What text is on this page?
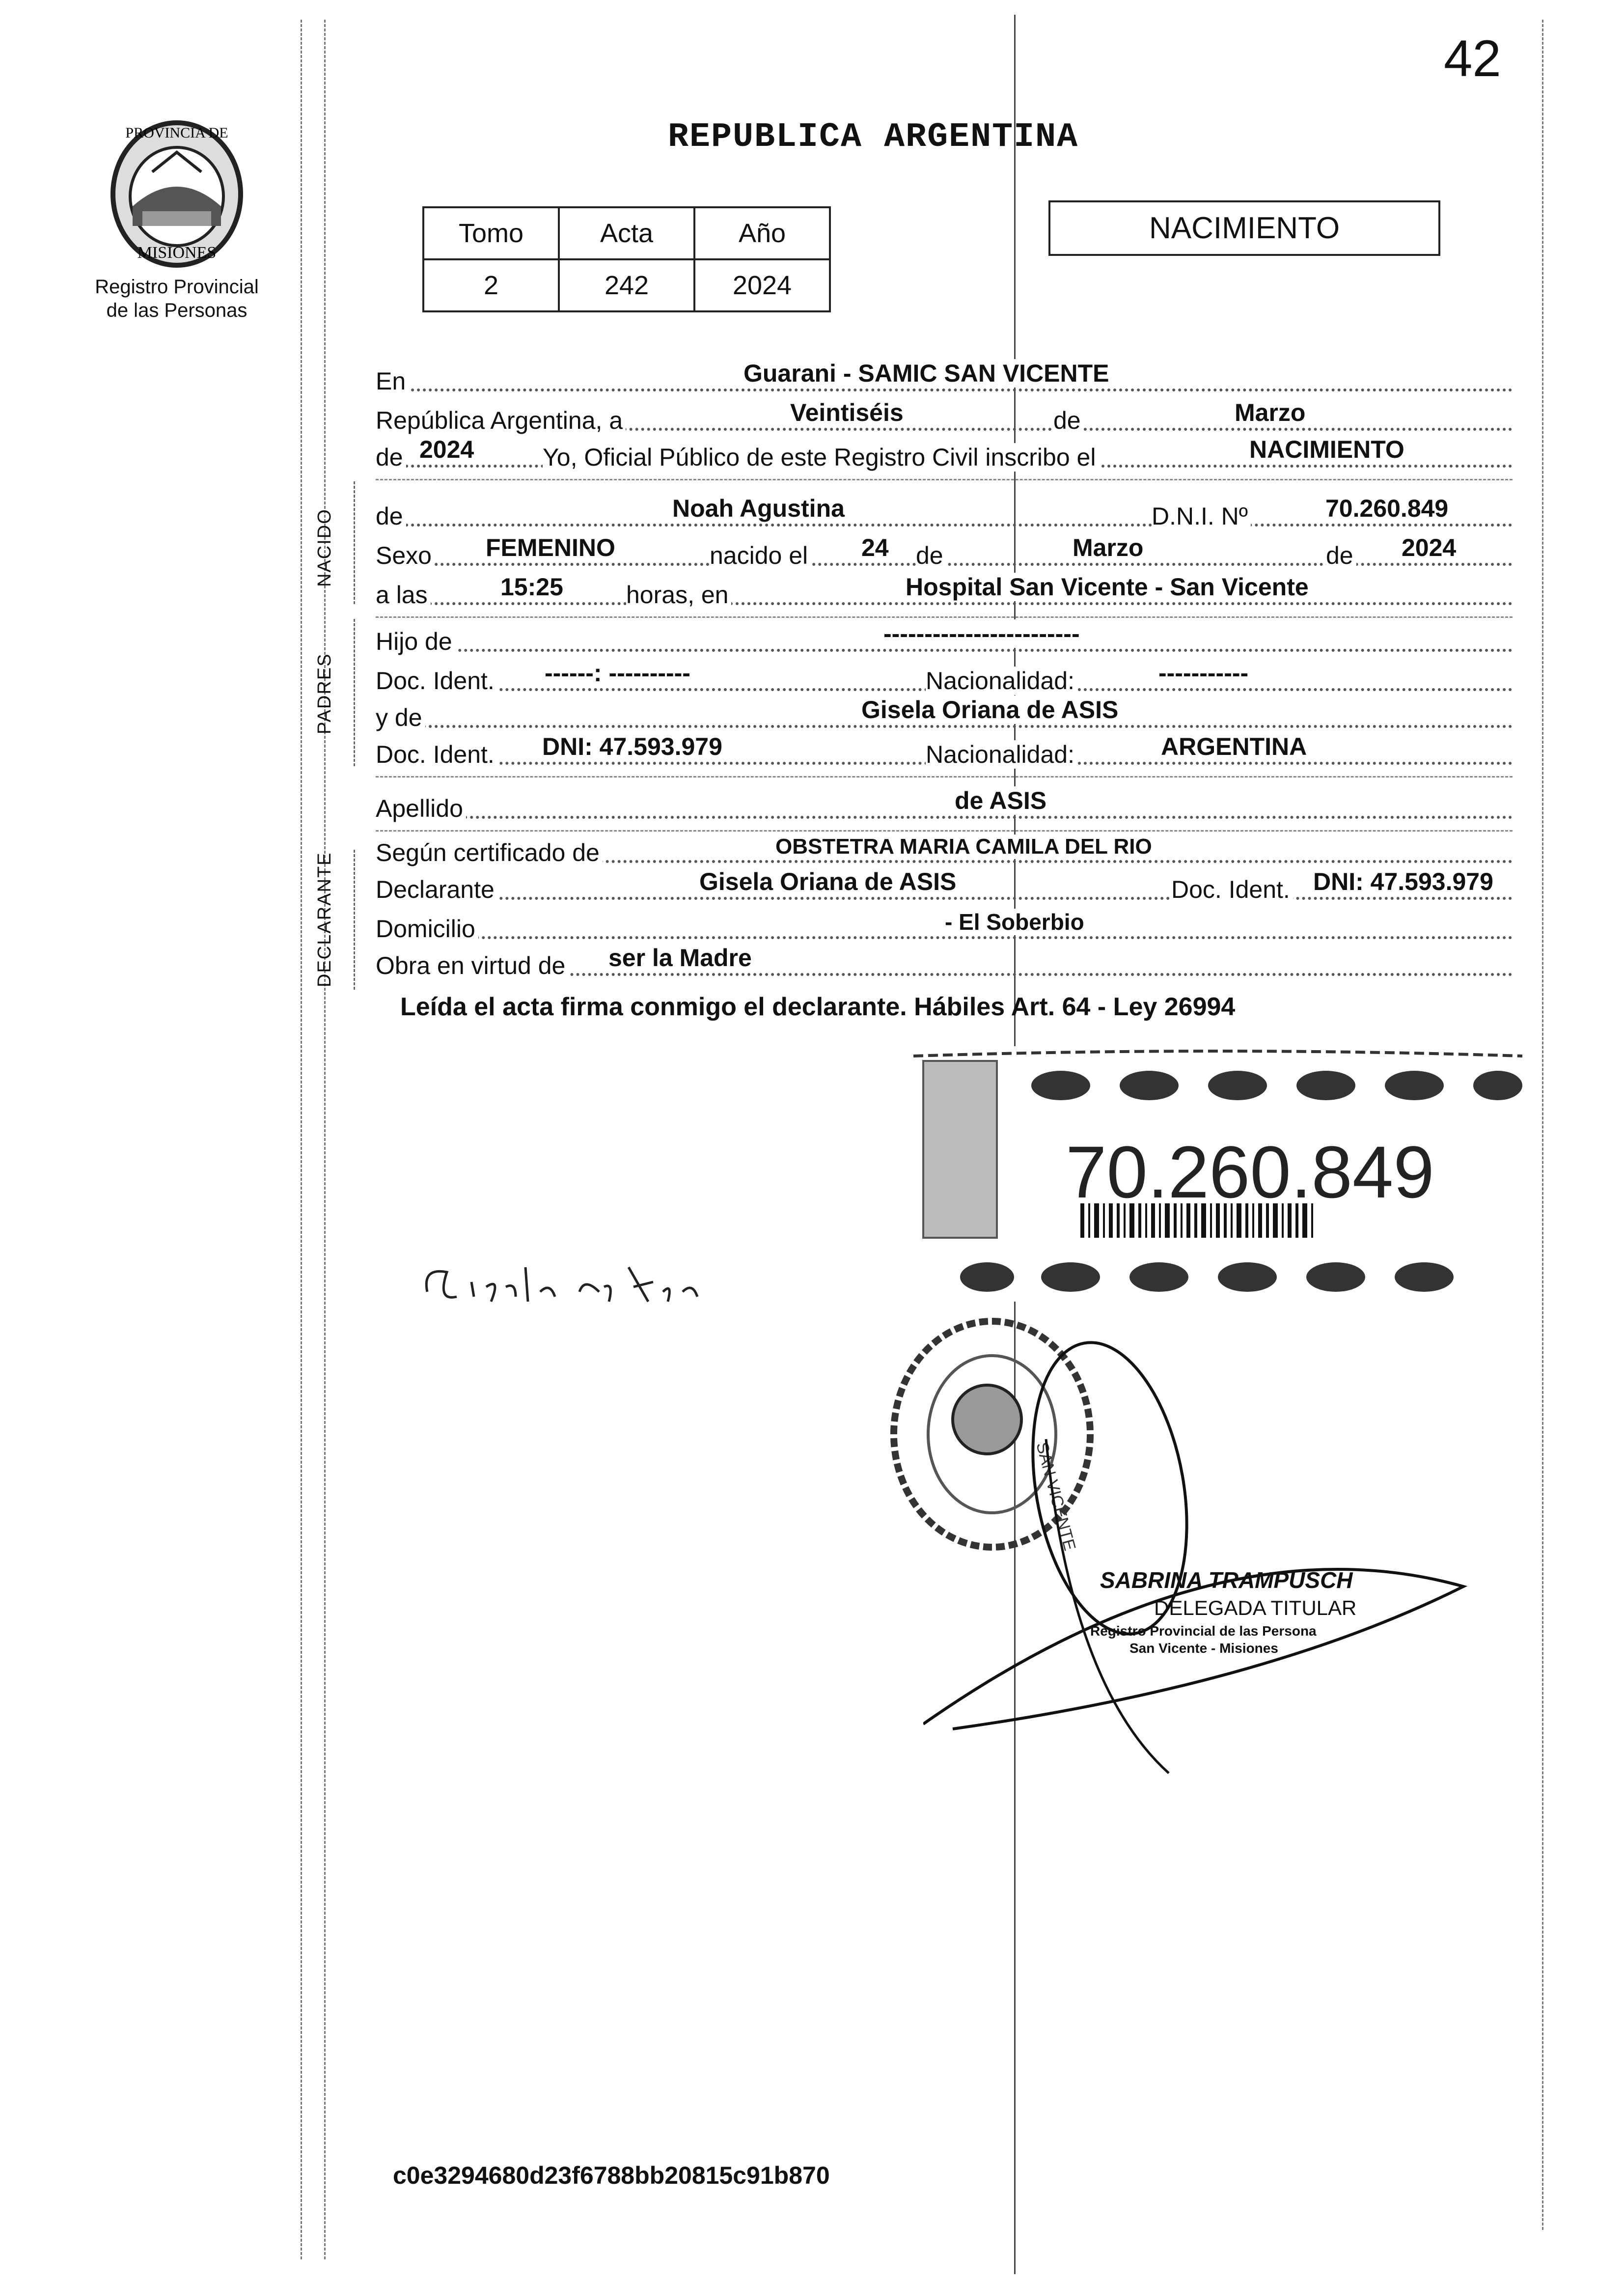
42
PROVINCIA DE
MISIONES
Registro Provincial
de las Personas
REPUBLICA ARGENTINA
Tomo	Acta	Año
2	242	2024
NACIMIENTO
En	Guarani - SAMIC SAN VICENTE
República Argentina, a	Veintiséis	de	Marzo
de 2024	Yo, Oficial Público de este Registro Civil inscribo el	NACIMIENTO
NACIDO de	Noah Agustina	D.N.I. Nº	70.260.849
Sexo FEMENINO	nacido el 24 de	Marzo	de 2024
a las	15:25	horas, en	Hospital San Vicente - San Vicente
PADRES
Hijo de	------------------------
Doc. Ident. ------: ----------	Nacionalidad:	-----------
y de	Gisela Oriana de ASIS
Doc. Ident. DNI: 47.593.979	Nacionalidad:	ARGENTINA
Apellido	de ASIS
DECLARANTE Según certificado de	OBSTETRA MARIA CAMILA DEL RIO
Declarante	Gisela Oriana de ASIS	Doc. Ident. DNI: 47.593.979
Domicilio	- El Soberbio
Obra en virtud de ser la Madre
Leída el acta firma conmigo el declarante. Hábiles Art. 64 - Ley 26994
70.260.849
Gisela de Asis
SAN VICENTE
SABRINA TRAMPUSCH
DELEGADA TITULAR
Registro Provincial de las Persona
San Vicente - Misiones
c0e3294680d23f6788bb20815c91b870
